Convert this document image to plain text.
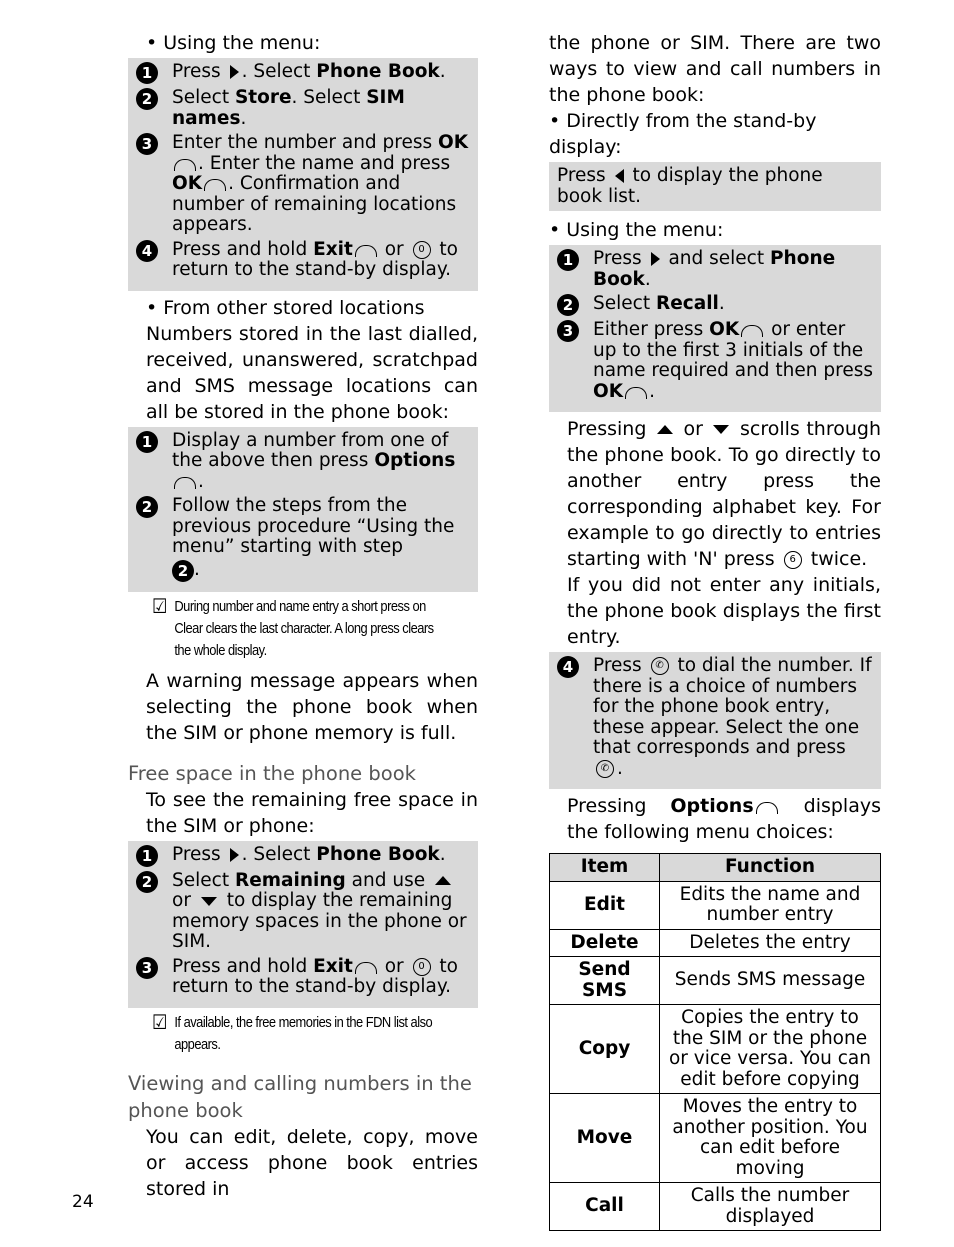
• Using the menu:

1	Press . Select Phone Book.
2	Select Store. Select SIM names.
3	Enter the number and press OK. Enter the name and press OK . Confirmation and number of remaining locations appears.
4	Press and hold Exit or 0 to return to the stand-by display.

• From other stored locations

Numbers stored in the last dialled, received, unanswered, scratchpad and SMS message locations can all be stored in the phone book:

1	Display a number from one of the above then press Options.
2	Follow the steps from the previous procedure “Using the menu” starting with step
2 .
☑ During number and name entry a short press on Clear clears the last character. A long press clears the whole display.

A warning message appears when selecting the phone book when the SIM or phone memory is full.

Free space in the phone book

To see the remaining free space in the SIM or phone:

1	Press . Select Phone Book.
2	Select Remaining and use  or  to display the remaining memory spaces in the phone or SIM.
3	Press and hold Exit or 0 to return to the stand-by display.
☑ If available, the free memories in the FDN list also appears.
Viewing and calling numbers in the phone book

You can edit, delete, copy, move or access phone book entries stored in

the phone or SIM. There are two ways to view and call numbers in the phone book:

• Directly from the stand-by display:

Press  to display the phone book list.

• Using the menu:

1	Press  and select Phone Book.
2	Select Recall.
3	Either press OK or enter up to the first 3 initials of the name required and then press OK .

Pressing  or  scrolls through the phone book. To go directly to another entry press the corresponding alphabet key. For example to go directly to entries starting with 'N' press 6 twice.

If you did not enter any initials, the phone book displays the first entry.

4	Press ✆ to dial the number. If there is a choice of numbers for the phone book entry, these appear. Select the one that corresponds and press ✆ .

Pressing Options displays the following menu choices:

Item	Function
Edit	Edits the name and number entry
Delete	Deletes the entry
Send SMS	Sends SMS message
Copy	Copies the entry to the SIM or the phone or vice versa. You can edit before copying
Move	Moves the entry to another position. You can edit before moving
Call	Calls the number displayed
24
